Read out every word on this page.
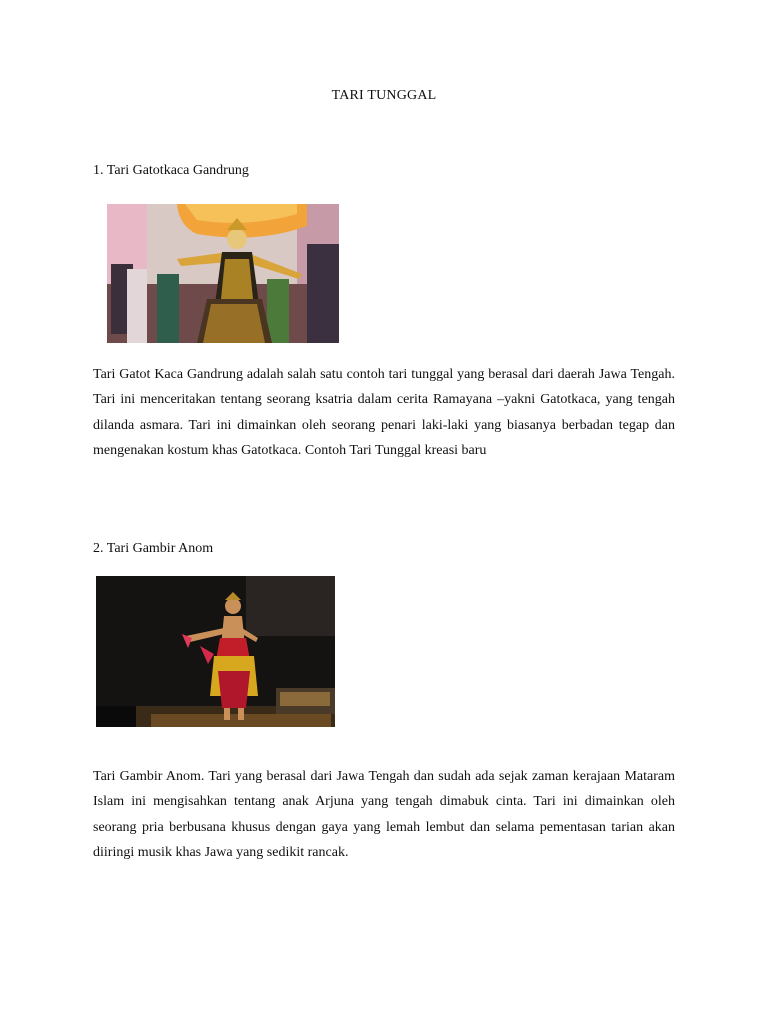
TARI TUNGGAL
1. Tari Gatotkaca Gandrung
Tari Gatot Kaca Gandrung adalah salah satu contoh tari tunggal yang berasal dari daerah Jawa Tengah. Tari ini menceritakan tentang seorang ksatria dalam cerita Ramayana –yakni Gatotkaca, yang tengah dilanda asmara. Tari ini dimainkan oleh seorang penari laki-laki yang biasanya berbadan tegap dan mengenakan kostum khas Gatotkaca. Contoh Tari Tunggal kreasi baru
2. Tari Gambir Anom
Tari Gambir Anom. Tari yang berasal dari Jawa Tengah dan sudah ada sejak zaman kerajaan Mataram Islam ini mengisahkan tentang anak Arjuna yang tengah dimabuk cinta. Tari ini dimainkan oleh seorang pria berbusana khusus dengan gaya yang lemah lembut dan selama pementasan tarian akan diiringi musik khas Jawa yang sedikit rancak.
